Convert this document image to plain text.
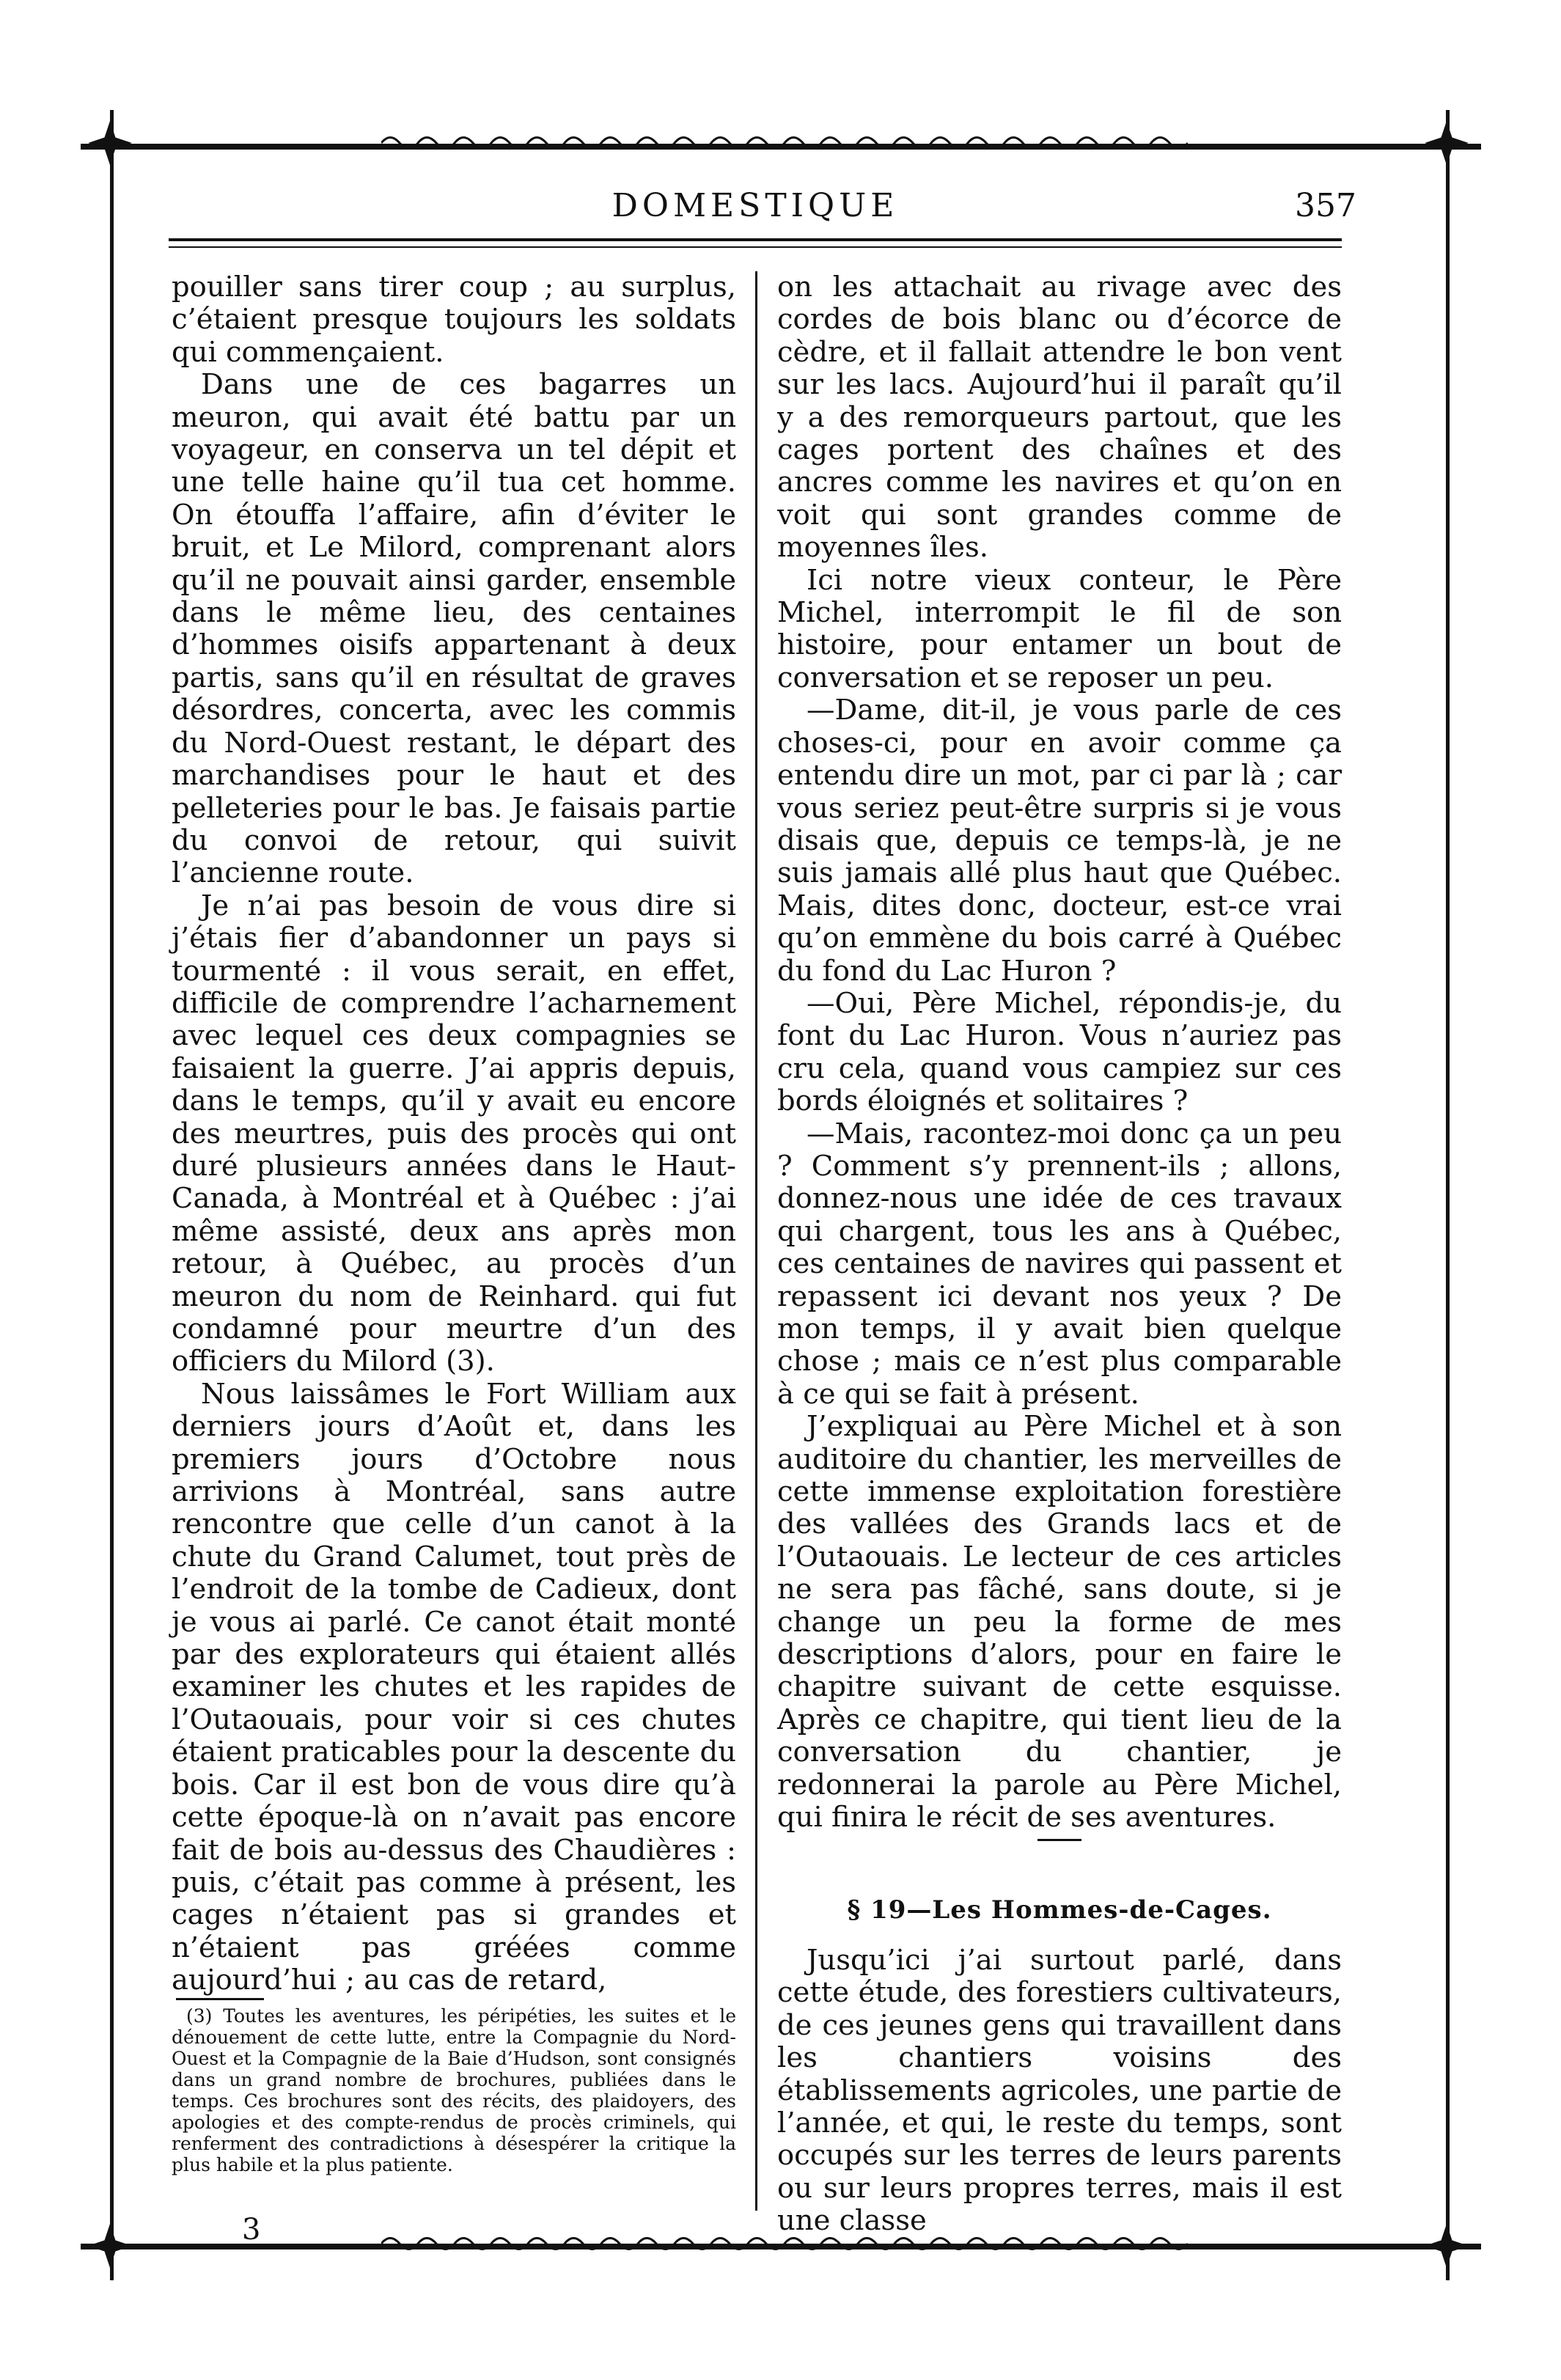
DOMESTIQUE	357

pouiller sans tirer coup ; au surplus, c’étaient presque toujours les soldats qui commençaient.

Dans une de ces bagarres un meuron, qui avait été battu par un voyageur, en conserva un tel dépit et une telle haine qu’il tua cet homme. On étouffa l’affaire, afin d’éviter le bruit, et Le Milord, comprenant alors qu’il ne pouvait ainsi garder, ensemble dans le même lieu, des centaines d’hommes oisifs appartenant à deux partis, sans qu’il en résultat de graves désordres, concerta, avec les commis du Nord-Ouest restant, le départ des marchandises pour le haut et des pelleteries pour le bas. Je faisais partie du convoi de retour, qui suivit l’ancienne route.

Je n’ai pas besoin de vous dire si j’étais fier d’abandonner un pays si tourmenté : il vous serait, en effet, difficile de comprendre l’acharnement avec lequel ces deux compagnies se faisaient la guerre. J’ai appris depuis, dans le temps, qu’il y avait eu encore des meurtres, puis des procès qui ont duré plusieurs années dans le Haut-Canada, à Montréal et à Québec : j’ai même assisté, deux ans après mon retour, à Québec, au procès d’un meuron du nom de Reinhard. qui fut condamné pour meurtre d’un des officiers du Milord (3).

Nous laissâmes le Fort William aux derniers jours d’Août et, dans les premiers jours d’Octobre nous arrivions à Montréal, sans autre rencontre que celle d’un canot à la chute du Grand Calumet, tout près de l’endroit de la tombe de Cadieux, dont je vous ai parlé. Ce canot était monté par des explorateurs qui étaient allés examiner les chutes et les rapides de l’Outaouais, pour voir si ces chutes étaient praticables pour la descente du bois. Car il est bon de vous dire qu’à cette époque-là on n’avait pas encore fait de bois au-dessus des Chaudières : puis, c’était pas comme à présent, les cages n’étaient pas si grandes et n’étaient pas gréées comme aujourd’hui ; au cas de retard,

(3) Toutes les aventures, les péripéties, les suites et le dénouement de cette lutte, entre la Compagnie du Nord-Ouest et la Compagnie de la Baie d’Hudson, sont consignés dans un grand nombre de brochures, publiées dans le temps. Ces brochures sont des récits, des plaidoyers, des apologies et des compte-rendus de procès criminels, qui renferment des contradictions à désespérer la critique la plus habile et la plus patiente.

3

on les attachait au rivage avec des cordes de bois blanc ou d’écorce de cèdre, et il fallait attendre le bon vent sur les lacs. Aujourd’hui il paraît qu’il y a des remorqueurs partout, que les cages portent des chaînes et des ancres comme les navires et qu’on en voit qui sont grandes comme de moyennes îles.

Ici notre vieux conteur, le Père Michel, interrompit le fil de son histoire, pour entamer un bout de conversation et se reposer un peu.

—Dame, dit-il, je vous parle de ces choses-ci, pour en avoir comme ça entendu dire un mot, par ci par là ; car vous seriez peut-être surpris si je vous disais que, depuis ce temps-là, je ne suis jamais allé plus haut que Québec. Mais, dites donc, docteur, est-ce vrai qu’on emmène du bois carré à Québec du fond du Lac Huron ?

—Oui, Père Michel, répondis-je, du font du Lac Huron. Vous n’auriez pas cru cela, quand vous campiez sur ces bords éloignés et solitaires ?

—Mais, racontez-moi donc ça un peu ? Comment s’y prennent-ils ; allons, donnez-nous une idée de ces travaux qui chargent, tous les ans à Québec, ces centaines de navires qui passent et repassent ici devant nos yeux ? De mon temps, il y avait bien quelque chose ; mais ce n’est plus comparable à ce qui se fait à présent.

J’expliquai au Père Michel et à son auditoire du chantier, les merveilles de cette immense exploitation forestière des vallées des Grands lacs et de l’Outaouais. Le lecteur de ces articles ne sera pas fâché, sans doute, si je change un peu la forme de mes descriptions d’alors, pour en faire le chapitre suivant de cette esquisse. Après ce chapitre, qui tient lieu de la conversation du chantier, je redonnerai la parole au Père Michel, qui finira le récit de ses aventures.

§ 19—Les Hommes-de-Cages.

Jusqu’ici j’ai surtout parlé, dans cette étude, des forestiers cultivateurs, de ces jeunes gens qui travaillent dans les chantiers voisins des établissements agricoles, une partie de l’année, et qui, le reste du temps, sont occupés sur les terres de leurs parents ou sur leurs propres terres, mais il est une classe
